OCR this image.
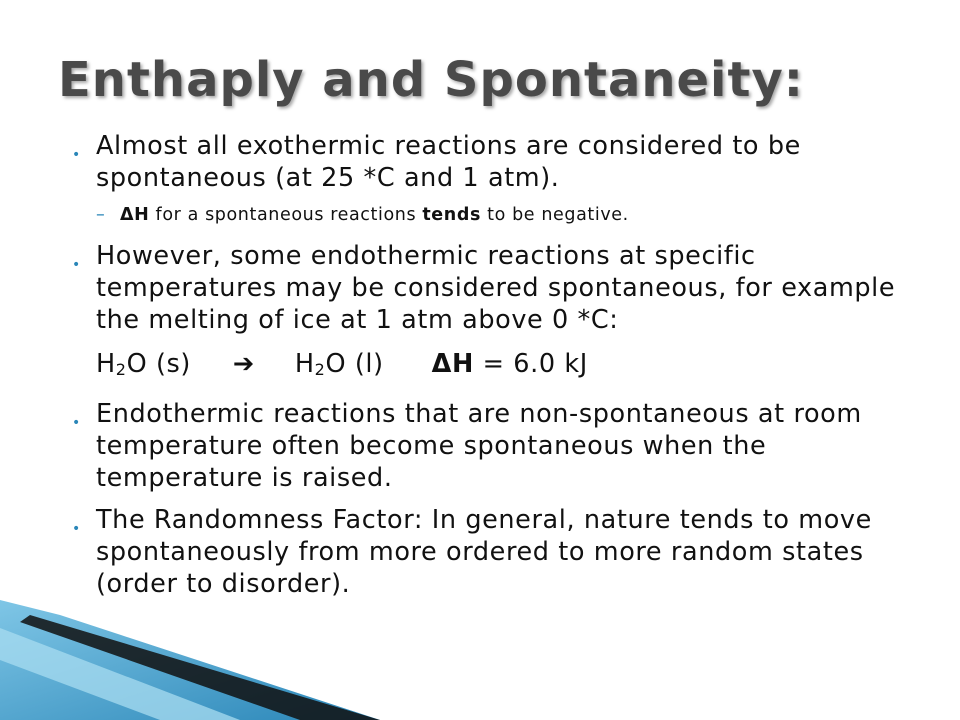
Enthaply and Spontaneity:
• Almost all exothermic reactions are considered to be spontaneous (at 25 *C and 1 atm).
– ΔH for a spontaneous reactions tends to be negative.
• However, some endothermic reactions at specific temperatures may be considered spontaneous, for example the melting of ice at 1 atm above 0 *C:
$H_2O$ (s) ➔ $H_2O$ (l) ΔH = 6.0 kJ
• Endothermic reactions that are non-spontaneous at room temperature often become spontaneous when the temperature is raised.
• The Randomness Factor: In general, nature tends to move spontaneously from more ordered to more random states (order to disorder).
